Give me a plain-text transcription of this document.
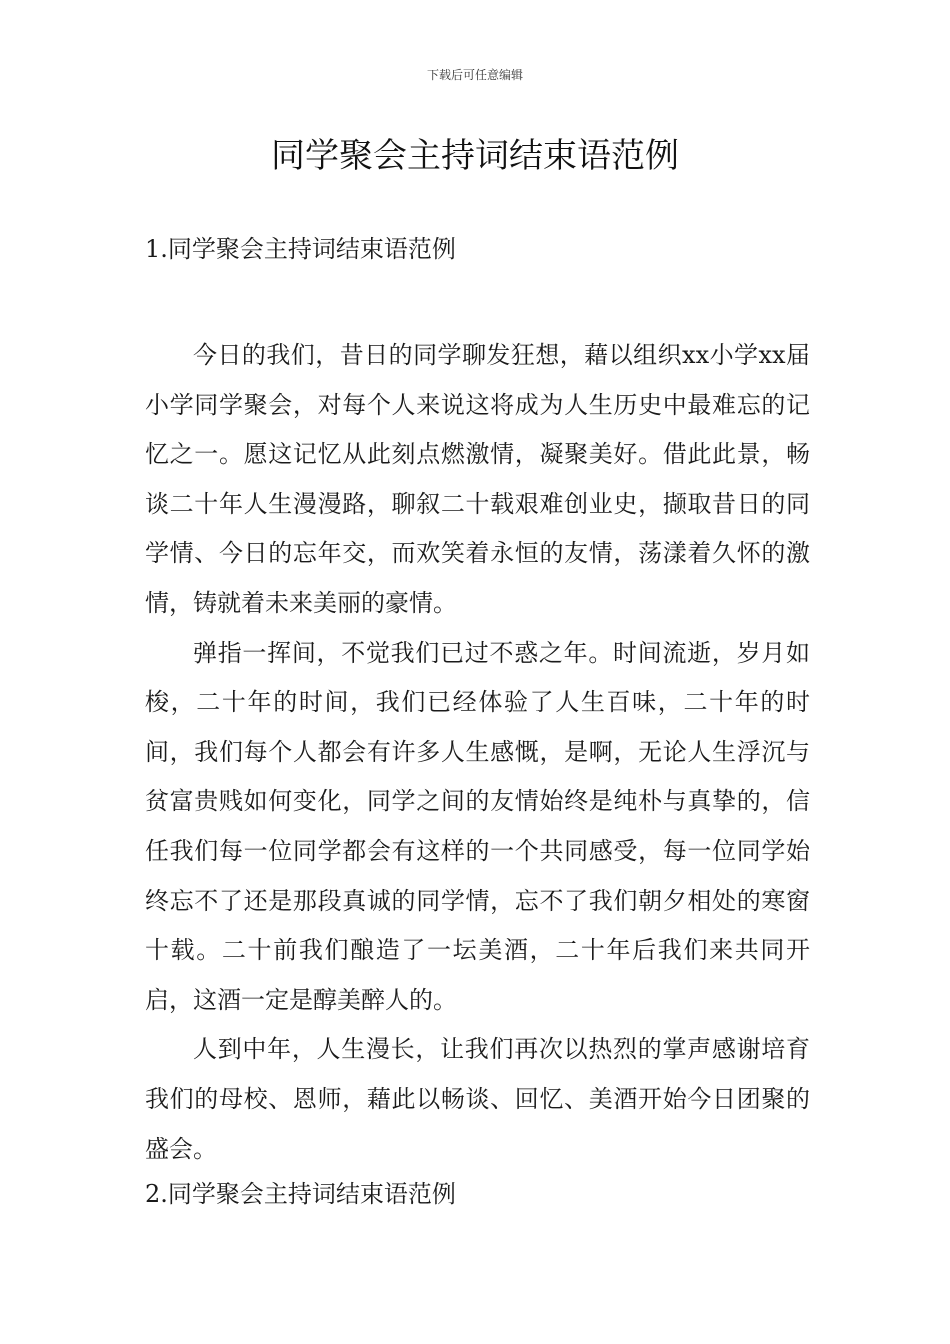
下载后可任意编辑
同学聚会主持词结束语范例
1.同学聚会主持词结束语范例

今日的我们，昔日的同学聊发狂想，藉以组织xx小学xx届小学同学聚会，对每个人来说这将成为人生历史中最难忘的记忆之一。愿这记忆从此刻点燃激情，凝聚美好。借此此景，畅谈二十年人生漫漫路，聊叙二十载艰难创业史，撷取昔日的同学情、今日的忘年交，而欢笑着永恒的友情，荡漾着久怀的激情，铸就着未来美丽的豪情。

弹指一挥间，不觉我们已过不惑之年。时间流逝，岁月如梭，二十年的时间，我们已经体验了人生百味，二十年的时间，我们每个人都会有许多人生感慨，是啊，无论人生浮沉与贫富贵贱如何变化，同学之间的友情始终是纯朴与真挚的，信任我们每一位同学都会有这样的一个共同感受，每一位同学始终忘不了还是那段真诚的同学情，忘不了我们朝夕相处的寒窗十载。二十前我们酿造了一坛美酒，二十年后我们来共同开启，这酒一定是醇美醉人的。

人到中年，人生漫长，让我们再次以热烈的掌声感谢培育我们的母校、恩师，藉此以畅谈、回忆、美酒开始今日团聚的盛会。

2.同学聚会主持词结束语范例
